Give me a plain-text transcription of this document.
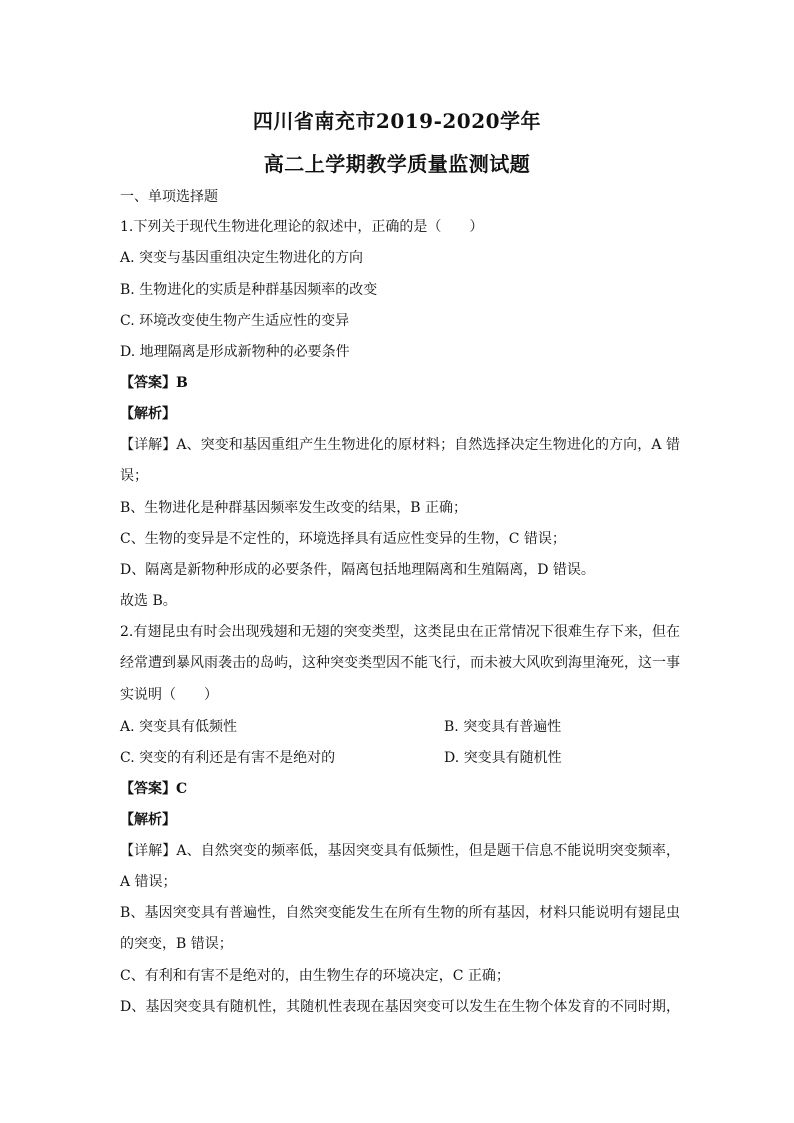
四川省南充市2019-2020学年
高二上学期教学质量监测试题
一、单项选择题
1.下列关于现代生物进化理论的叙述中，正确的是（　　）
A. 突变与基因重组决定生物进化的方向
B. 生物进化的实质是种群基因频率的改变
C. 环境改变使生物产生适应性的变异
D. 地理隔离是形成新物种的必要条件
【答案】B
【解析】
【详解】A、突变和基因重组产生生物进化的原材料；自然选择决定生物进化的方向，A 错
误；
B、生物进化是种群基因频率发生改变的结果，B 正确；
C、生物的变异是不定性的，环境选择具有适应性变异的生物，C 错误；
D、隔离是新物种形成的必要条件，隔离包括地理隔离和生殖隔离，D 错误。
故选 B。
2.有翅昆虫有时会出现残翅和无翅的突变类型，这类昆虫在正常情况下很难生存下来，但在
经常遭到暴风雨袭击的岛屿，这种突变类型因不能飞行，而未被大风吹到海里淹死，这一事
实说明（　　）
A. 突变具有低频性	B. 突变具有普遍性
C. 突变的有利还是有害不是绝对的	D. 突变具有随机性
【答案】C
【解析】
【详解】A、自然突变的频率低，基因突变具有低频性，但是题干信息不能说明突变频率，
A 错误；
B、基因突变具有普遍性，自然突变能发生在所有生物的所有基因，材料只能说明有翅昆虫
的突变，B 错误；
C、有利和有害不是绝对的，由生物生存的环境决定，C 正确；
D、基因突变具有随机性，其随机性表现在基因突变可以发生在生物个体发育的不同时期，
